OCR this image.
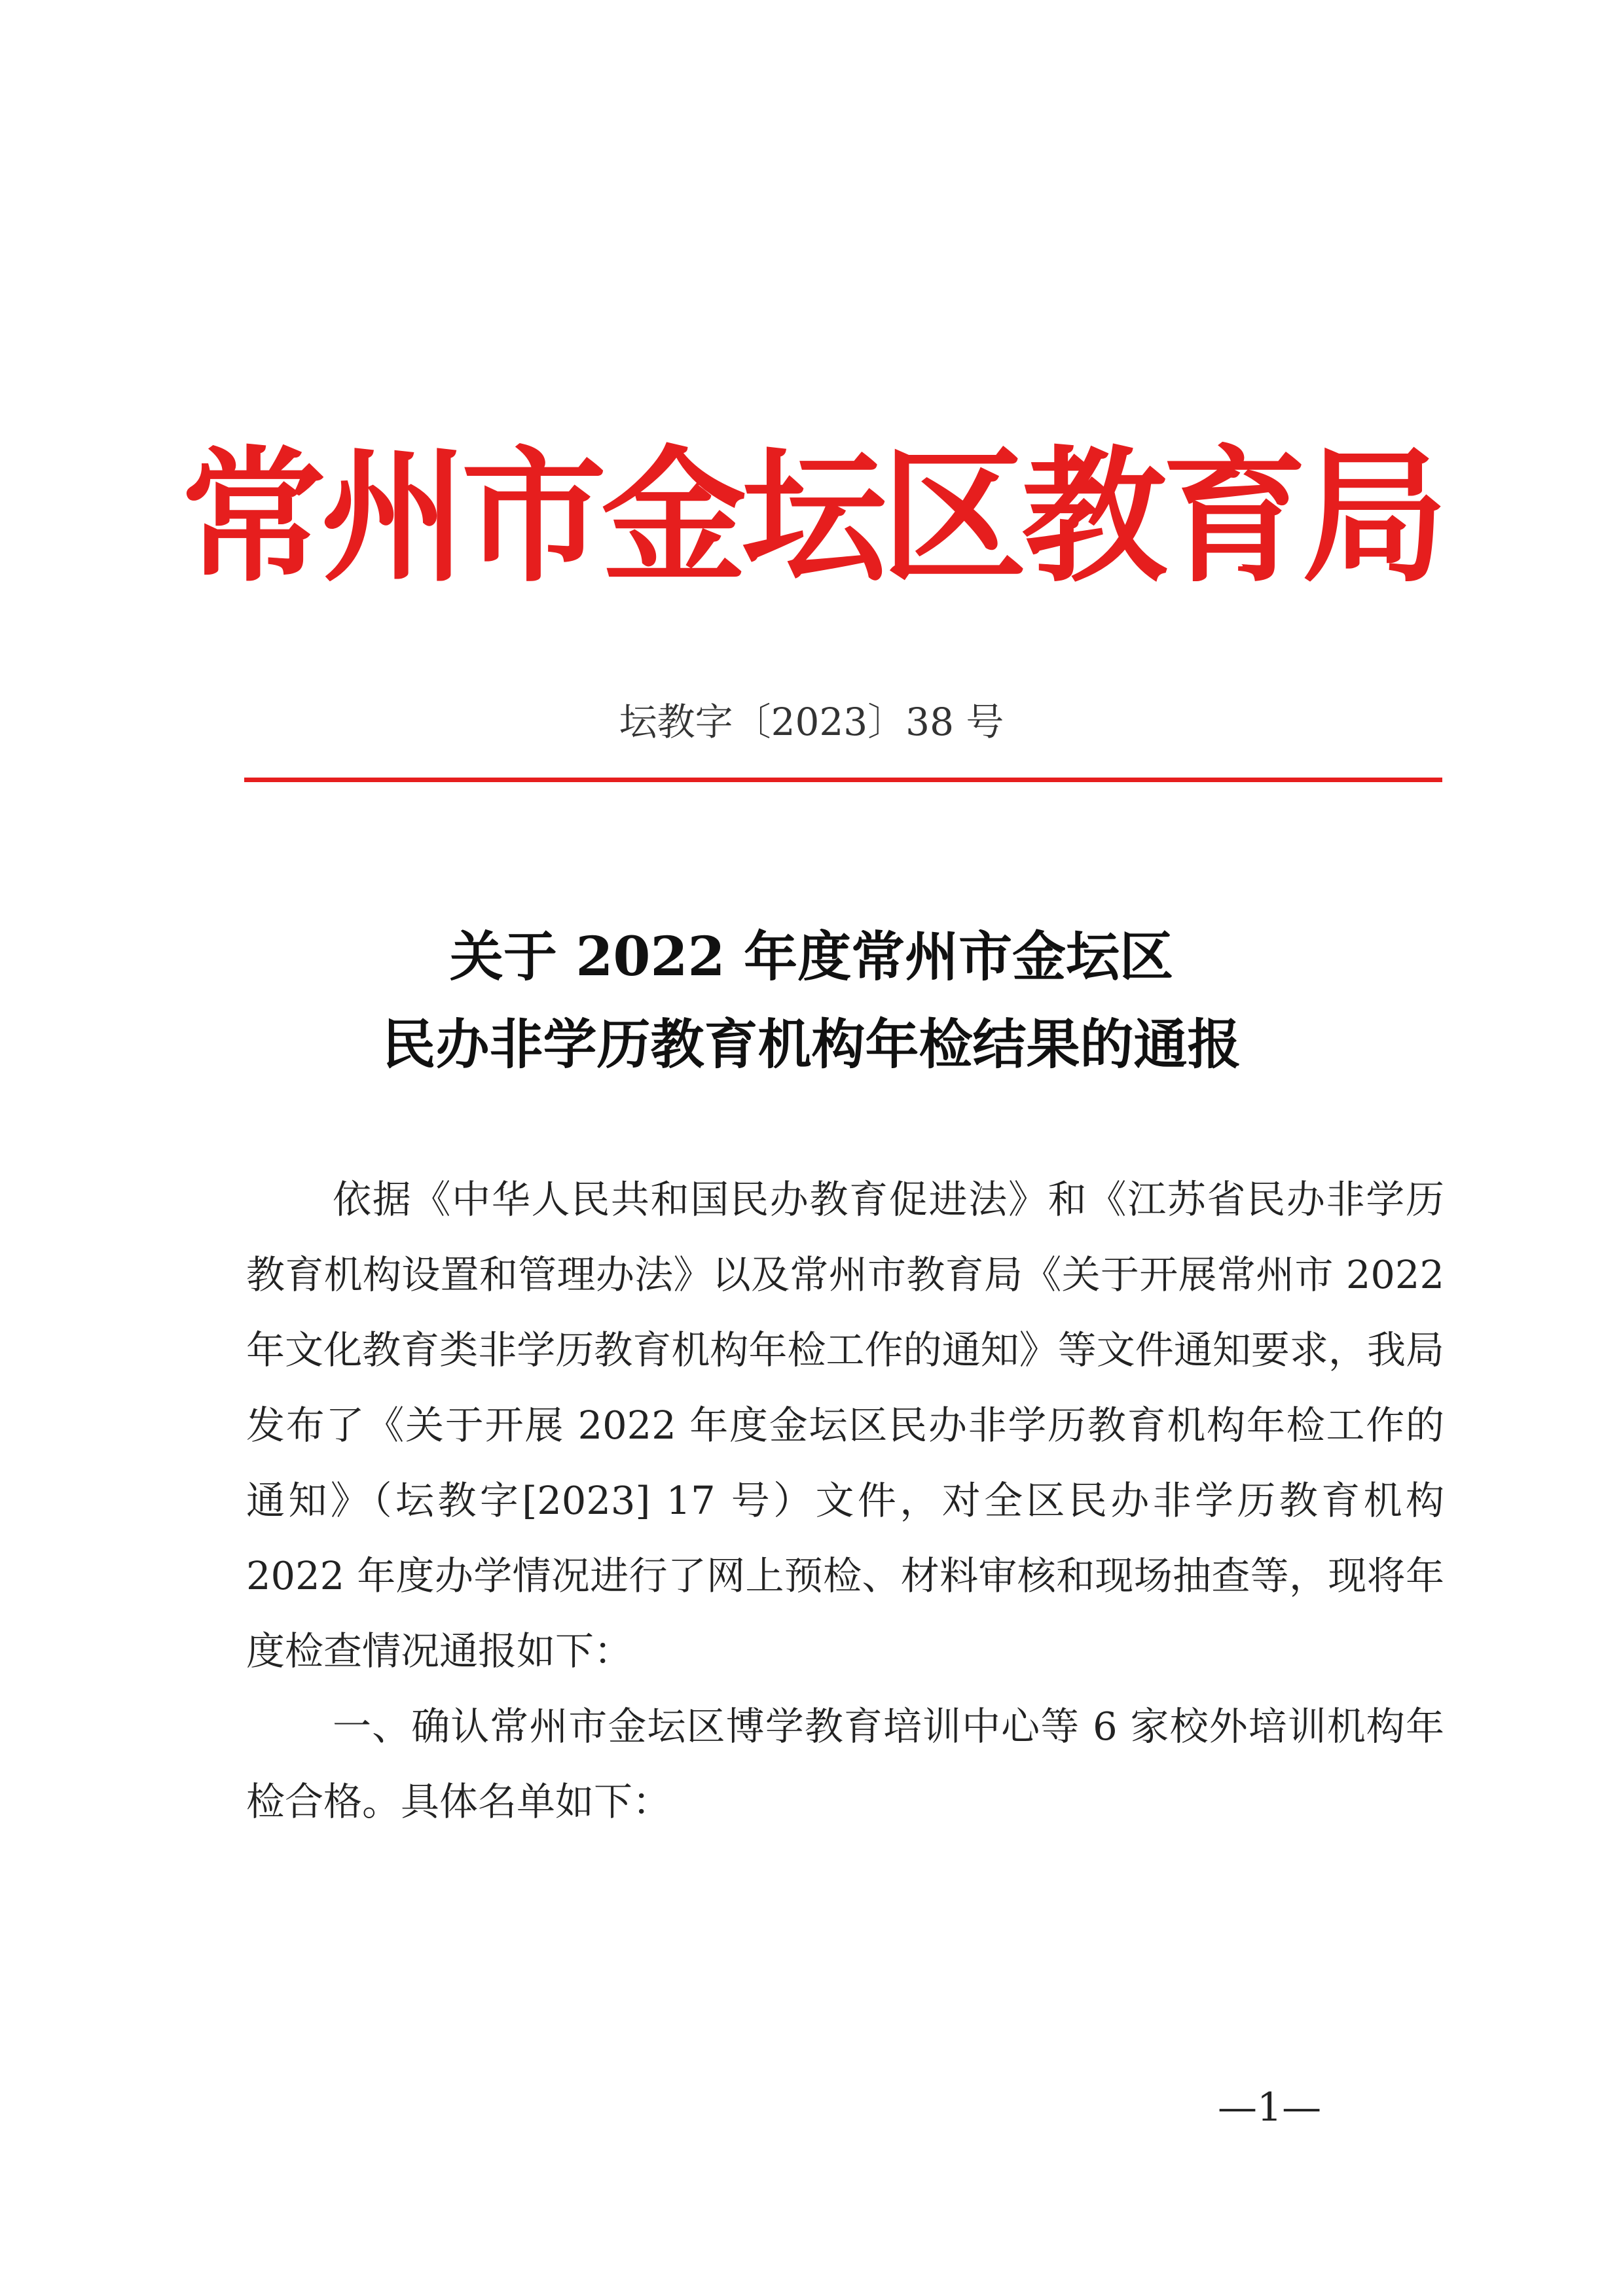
常州市金坛区教育局
坛教字〔2023〕38 号
关于 2022 年度常州市金坛区
民办非学历教育机构年检结果的通报

依据《中华人民共和国民办教育促进法》和《江苏省民办非学历教育机构设置和管理办法》以及常州市教育局《关于开展常州市 2022 年文化教育类非学历教育机构年检工作的通知》等文件通知要求，我局发布了《关于开展 2022 年度金坛区民办非学历教育机构年检工作的通知》（坛教字[2023] 17 号）文件，对全区民办非学历教育机构 2022 年度办学情况进行了网上预检、材料审核和现场抽查等，现将年度检查情况通报如下：

一、确认常州市金坛区博学教育培训中心等 6 家校外培训机构年检合格。具体名单如下：

—1—
